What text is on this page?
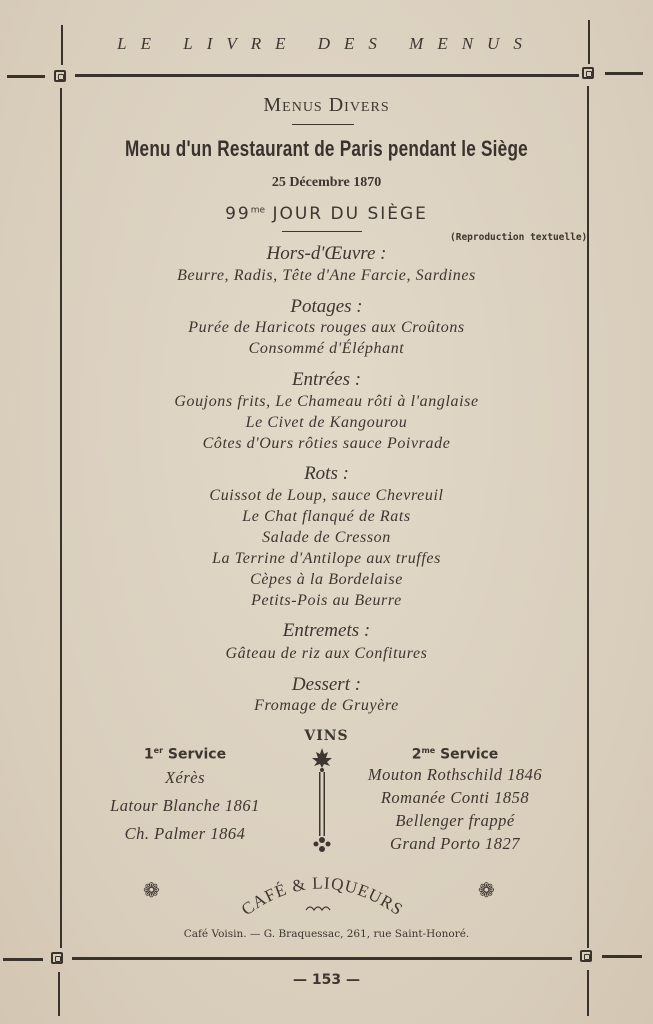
LE LIVRE DES MENUS
Menus Divers
Menu d'un Restaurant de Paris pendant le Siège
25 Décembre 1870
$99^{me}$ JOUR DU SIÈGE
(Reproduction textuelle)
Hors-d'Œuvre :
Beurre, Radis, Tête d'Ane Farcie, Sardines
Potages :
Purée de Haricots rouges aux Croûtons
Consommé d'Éléphant
Entrées :
Goujons frits, Le Chameau rôti à l'anglaise
Le Civet de Kangourou
Côtes d'Ours rôties sauce Poivrade
Rots :
Cuissot de Loup, sauce Chevreuil
Le Chat flanqué de Rats
Salade de Cresson
La Terrine d'Antilope aux truffes
Cèpes à la Bordelaise
Petits-Pois au Beurre
Entremets :
Gâteau de riz aux Confitures
Dessert :
Fromage de Gruyère
VINS
1er Service
Xérès
Latour Blanche 1861
Ch. Palmer 1864
$2^{me}$ Service
Mouton Rothschild 1846
Romanée Conti 1858
Bellenger frappé
Grand Porto 1827
❁	❁
CAFÉ & LIQUEURS
Café Voisin. — G. Braquessac, 261, rue Saint-Honoré.
— 153 —
